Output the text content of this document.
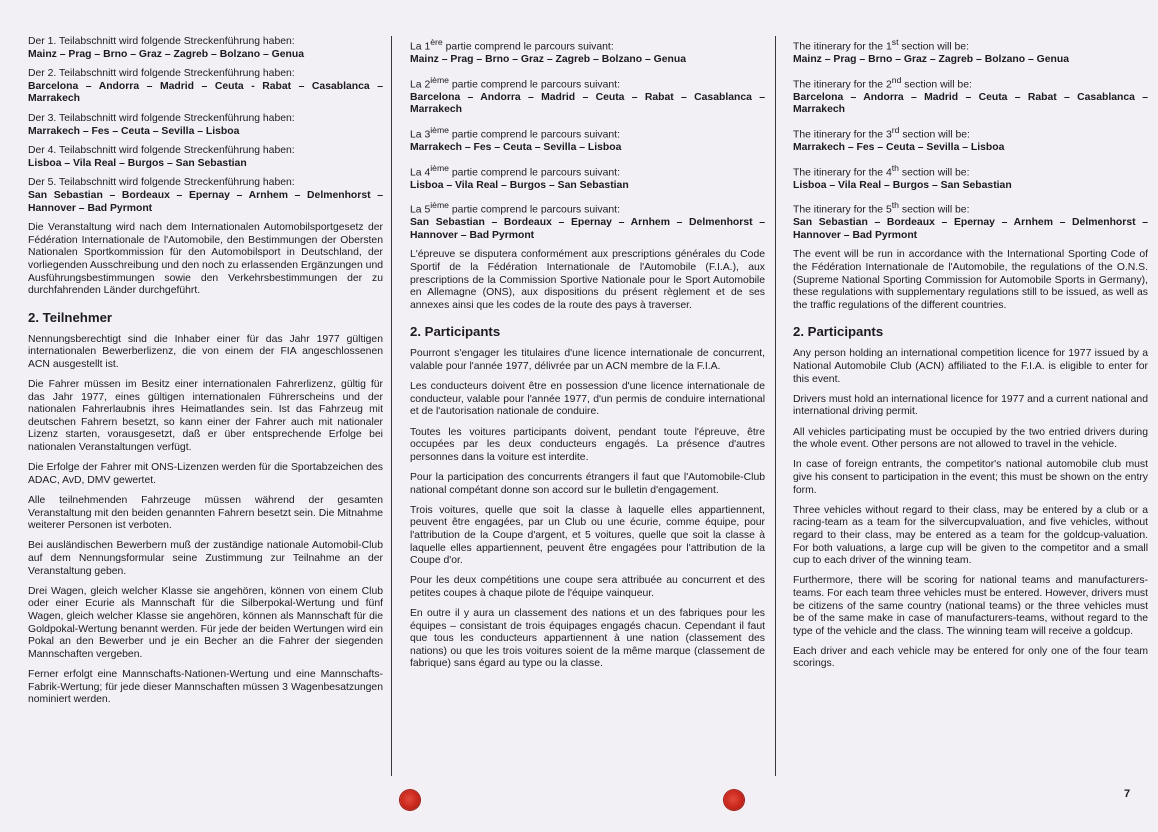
Der 1. Teilabschnitt wird folgende Streckenführung haben:
Mainz – Prag – Brno – Graz – Zagreb – Bolzano – Genua
Der 2. Teilabschnitt wird folgende Streckenführung haben:
Barcelona – Andorra – Madrid – Ceuta - Rabat – Casablanca – Marrakech
Der 3. Teilabschnitt wird folgende Streckenführung haben:
Marrakech – Fes – Ceuta – Sevilla – Lisboa
Der 4. Teilabschnitt wird folgende Streckenführung haben:
Lisboa – Vila Real – Burgos – San Sebastian
Der 5. Teilabschnitt wird folgende Streckenführung haben:
San Sebastian – Bordeaux – Epernay – Arnhem – Delmenhorst – Hannover – Bad Pyrmont

Die Veranstaltung wird nach dem Internationalen Automobilsportgesetz der Fédération Internationale de l'Automobile, den Bestimmungen der Obersten Nationalen Sportkommission für den Automobilsport in Deutschland, der vorliegenden Ausschreibung und den noch zu erlassenden Ergänzungen und Ausführungsbestimmungen sowie den Verkehrsbestimmungen der zu durchfahrenden Länder durchgeführt.

2. Teilnehmer

Nennungsberechtigt sind die Inhaber einer für das Jahr 1977 gültigen internationalen Bewerberlizenz, die von einem der FIA angeschlossenen ACN ausgestellt ist.

Die Fahrer müssen im Besitz einer internationalen Fahrerlizenz, gültig für das Jahr 1977, eines gültigen internationalen Führerscheins und der nationalen Fahrerlaubnis ihres Heimatlandes sein. Ist das Fahrzeug mit deutschen Fahrern besetzt, so kann einer der Fahrer auch mit nationaler Lizenz starten, vorausgesetzt, daß er über entsprechende Erfolge bei nationalen Veranstaltungen verfügt.

Die Erfolge der Fahrer mit ONS-Lizenzen werden für die Sportabzeichen des ADAC, AvD, DMV gewertet.

Alle teilnehmenden Fahrzeuge müssen während der gesamten Veranstaltung mit den beiden genannten Fahrern besetzt sein. Die Mitnahme weiterer Personen ist verboten.

Bei ausländischen Bewerbern muß der zuständige nationale Automobil-Club auf dem Nennungsformular seine Zustimmung zur Teilnahme an der Veranstaltung geben.

Drei Wagen, gleich welcher Klasse sie angehören, können von einem Club oder einer Ecurie als Mannschaft für die Silberpokal-Wertung und fünf Wagen, gleich welcher Klasse sie angehören, können als Mannschaft für die Goldpokal-Wertung benannt werden. Für jede der beiden Wertungen wird ein Pokal an den Bewerber und je ein Becher an die Fahrer der siegenden Mannschaften vergeben.

Ferner erfolgt eine Mannschafts-Nationen-Wertung und eine Mannschafts-Fabrik-Wertung; für jede dieser Mannschaften müssen 3 Wagenbesatzungen nominiert werden.

La 1ère partie comprend le parcours suivant:
Mainz – Prag – Brno – Graz – Zagreb – Bolzano – Genua
La 2ième partie comprend le parcours suivant:
Barcelona – Andorra – Madrid – Ceuta – Rabat – Casablanca – Marrakech
La 3ième partie comprend le parcours suivant:
Marrakech – Fes – Ceuta – Sevilla – Lisboa
La 4ième partie comprend le parcours suivant:
Lisboa – Vila Real – Burgos – San Sebastian
La 5ième partie comprend le parcours suivant:
San Sebastian – Bordeaux – Epernay – Arnhem – Delmenhorst – Hannover – Bad Pyrmont

L'épreuve se disputera conformément aux prescriptions générales du Code Sportif de la Fédération Internationale de l'Automobile (F.I.A.), aux prescriptions de la Commission Sportive Nationale pour le Sport Automobile en Allemagne (ONS), aux dispositions du présent règlement et de ses annexes ainsi que les codes de la route des pays à traverser.

2. Participants

Pourront s'engager les titulaires d'une licence internationale de concurrent, valable pour l'année 1977, délivrée par un ACN membre de la F.I.A.

Les conducteurs doivent être en possession d'une licence internationale de conducteur, valable pour l'année 1977, d'un permis de conduire international et de l'autorisation nationale de conduire.

Toutes les voitures participants doivent, pendant toute l'épreuve, être occupées par les deux conducteurs engagés. La présence d'autres personnes dans la voiture est interdite.

Pour la participation des concurrents étrangers il faut que l'Automobile-Club national compétant donne son accord sur le bulletin d'engagement.

Trois voitures, quelle que soit la classe à laquelle elles appartiennent, peuvent être engagées, par un Club ou une écurie, comme équipe, pour l'attribution de la Coupe d'argent, et 5 voitures, quelle que soit la classe à laquelle elles appartiennent, peuvent être engagées pour l'attribution de la Coupe d'or.

Pour les deux compétitions une coupe sera attribuée au concurrent et des petites coupes à chaque pilote de l'équipe vainqueur.

En outre il y aura un classement des nations et un des fabriques pour les équipes – consistant de trois équipages engagés chacun. Cependant il faut que tous les conducteurs appartiennent à une nation (classement des nations) ou que les trois voitures soient de la même marque (classement de fabrique) sans égard au type ou la classe.

The itinerary for the 1st section will be:
Mainz – Prag – Brno – Graz – Zagreb – Bolzano – Genua
The itinerary for the 2nd section will be:
Barcelona – Andorra – Madrid – Ceuta – Rabat – Casablanca – Marrakech
The itinerary for the 3rd section will be:
Marrakech – Fes – Ceuta – Sevilla – Lisboa
The itinerary for the 4th section will be:
Lisboa – Vila Real – Burgos – San Sebastian
The itinerary for the 5th section will be:
San Sebastian – Bordeaux – Epernay – Arnhem – Delmenhorst – Hannover – Bad Pyrmont

The event will be run in accordance with the International Sporting Code of the Fédération Internationale de l'Automobile, the regulations of the O.N.S. (Supreme National Sporting Commission for Automobile Sports in Germany), these regulations with supplementary regulations still to be issued, as well as the traffic regulations of the different countries.

2. Participants

Any person holding an international competition licence for 1977 issued by a National Automobile Club (ACN) affiliated to the F.I.A. is eligible to enter for this event.

Drivers must hold an international licence for 1977 and a current national and international driving permit.

All vehicles participating must be occupied by the two entried drivers during the whole event. Other persons are not allowed to travel in the vehicle.

In case of foreign entrants, the competitor's national automobile club must give his consent to participation in the event; this must be shown on the entry form.

Three vehicles without regard to their class, may be entered by a club or a racing-team as a team for the silvercupvaluation, and five vehicles, without regard to their class, may be entered as a team for the goldcup-valuation. For both valuations, a large cup will be given to the competitor and a small cup to each driver of the winning team.

Furthermore, there will be scoring for national teams and manufacturers-teams. For each team three vehicles must be entered. However, drivers must be citizens of the same country (national teams) or the three vehicles must be of the same make in case of manufacturers-teams, without regard to the type of the vehicle and the class. The winning team will receive a goldcup.

Each driver and each vehicle may be entered for only one of the four team scorings.

7
